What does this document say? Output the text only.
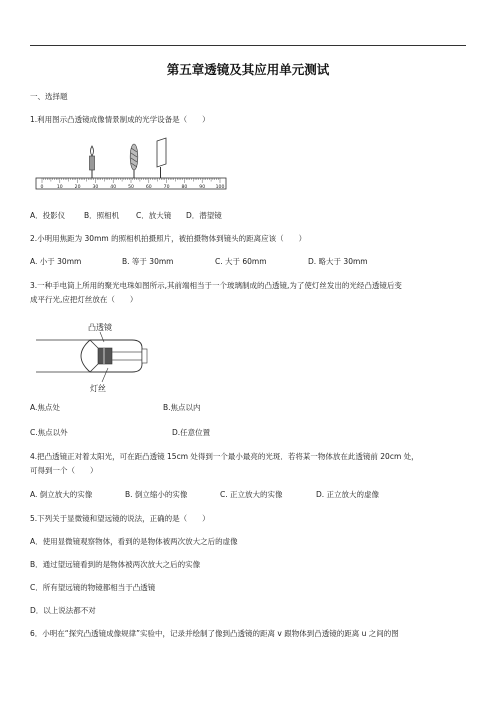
第五章透镜及其应用单元测试
一、选择题
1.利用图示凸透镜成像情景制成的光学设备是（　　）
0	10	20	30	40	50	60	70	80	90 100
A．投影仪	B．照相机 C．放大镜 D．潜望镜
2.小明用焦距为 30mm 的照相机拍摄照片，被拍摄物体到镜头的距离应该（　　）
A. 小于 30mm	B. 等于 30mm	C. 大于 60mm	D. 略大于 30mm
3.一种手电筒上所用的聚光电珠如图所示,其前端相当于一个玻璃制成的凸透镜,为了使灯丝发出的光经凸透镜后变
成平行光,应把灯丝放在（　　）
凸透镜
灯丝
A.焦点处	B.焦点以内
C.焦点以外	D.任意位置
4.把凸透镜正对着太阳光，可在距凸透镜 15cm 处得到一个最小最亮的光斑．若将某一物体放在此透镜前 20cm 处，
可得到一个（　　）
A. 倒立放大的实像	B. 倒立缩小的实像	C. 正立放大的实像	D. 正立放大的虚像
5.下列关于显微镜和望远镜的说法，正确的是（　　）
A．使用显微镜观察物体，看到的是物体被两次放大之后的虚像
B．通过望远镜看到的是物体被两次放大之后的实像
C．所有望远镜的物镜都相当于凸透镜
D．以上说法都不对
6．小明在“探究凸透镜成像规律”实验中，记录并绘制了像到凸透镜的距离 v 跟物体到凸透镜的距离 u 之间的图
